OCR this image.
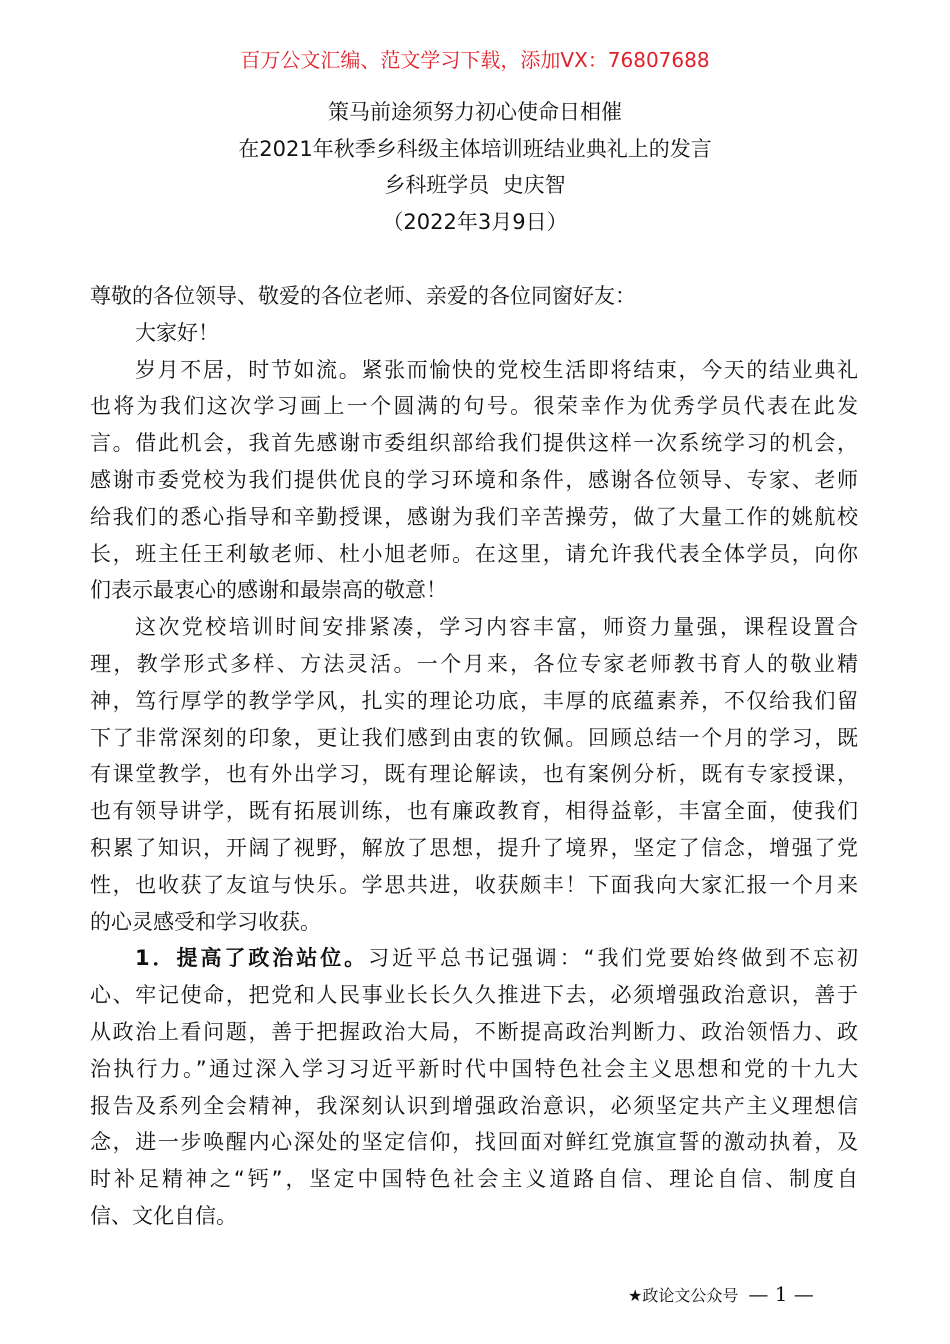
百万公文汇编、范文学习下载，添加VX：76807688
策马前途须努力初心使命日相催
在2021年秋季乡科级主体培训班结业典礼上的发言
乡科班学员  史庆智
（2022年3月9日）
尊敬的各位领导、敬爱的各位老师、亲爱的各位同窗好友：
大家好！
岁月不居，时节如流。紧张而愉快的党校生活即将结束，今天的结业典礼
也将为我们这次学习画上一个圆满的句号。很荣幸作为优秀学员代表在此发
言。借此机会，我首先感谢市委组织部给我们提供这样一次系统学习的机会，
感谢市委党校为我们提供优良的学习环境和条件，感谢各位领导、专家、老师
给我们的悉心指导和辛勤授课，感谢为我们辛苦操劳，做了大量工作的姚航校
长，班主任王利敏老师、杜小旭老师。在这里，请允许我代表全体学员，向你
们表示最衷心的感谢和最崇高的敬意！
这次党校培训时间安排紧凑，学习内容丰富，师资力量强，课程设置合
理，教学形式多样、方法灵活。一个月来，各位专家老师教书育人的敬业精
神，笃行厚学的教学学风，扎实的理论功底，丰厚的底蕴素养，不仅给我们留
下了非常深刻的印象，更让我们感到由衷的钦佩。回顾总结一个月的学习，既
有课堂教学，也有外出学习，既有理论解读，也有案例分析，既有专家授课，
也有领导讲学，既有拓展训练，也有廉政教育，相得益彰，丰富全面，使我们
积累了知识，开阔了视野，解放了思想，提升了境界，坚定了信念，增强了党
性，也收获了友谊与快乐。学思共进，收获颇丰！下面我向大家汇报一个月来
的心灵感受和学习收获。
1．提高了政治站位。习近平总书记强调：“我们党要始终做到不忘初
心、牢记使命，把党和人民事业长长久久推进下去，必须增强政治意识，善于
从政治上看问题，善于把握政治大局，不断提高政治判断力、政治领悟力、政
治执行力。”通过深入学习习近平新时代中国特色社会主义思想和党的十九大
报告及系列全会精神，我深刻认识到增强政治意识，必须坚定共产主义理想信
念，进一步唤醒内心深处的坚定信仰，找回面对鲜红党旗宣誓的激动执着，及
时补足精神之“钙”，坚定中国特色社会主义道路自信、理论自信、制度自
信、文化自信。
★政论文公众号 — 1 —
